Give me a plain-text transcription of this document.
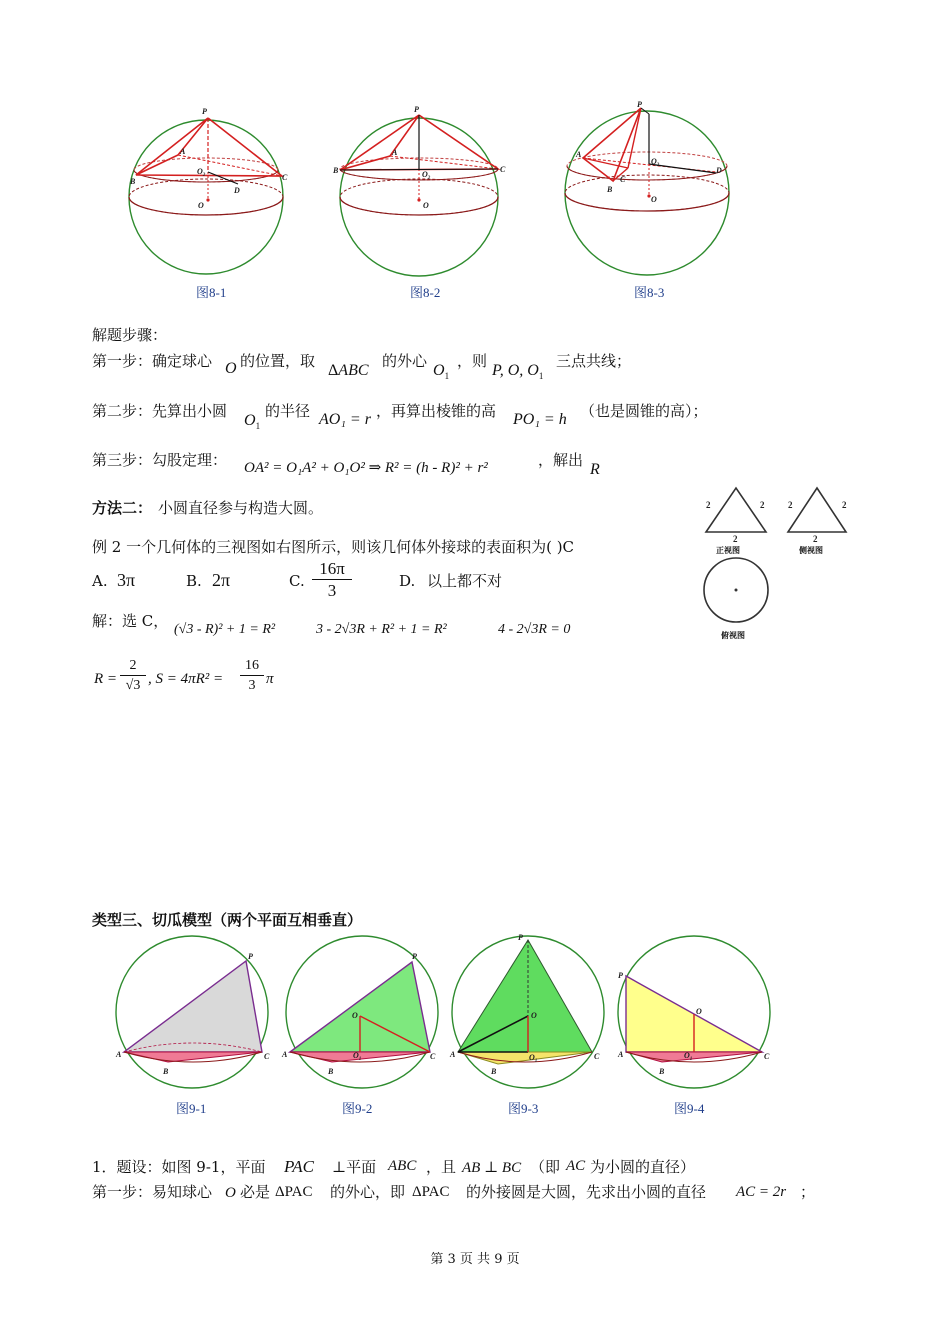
P
A
B	C
D
O
$O_2$
P
A
B	C
O
$O_2$
P
A
B
C
D
O
$O_2$
图8-1	图8-2	图8-3
解题步骤：
第一步：确定球心 O 的位置，取
ΔABC
的外心
$O_1$
，则
P, O, $O_1$
三点共线；
第二步：先算出小圆
$O_1$
的半径 AO₁ = r ，再算出棱锥的高 PO₁ = h （也是圆锥的高）；
第三步：勾股定理： OA² = O₁A² + O₁O² ⇒ R² = (h - R)² + r²	，解出
R
方法二： 小圆直径参与构造大圆。
例 2 一个几何体的三视图如右图所示，则该几何体外接球的表面积为( )C
A. 3π	B. 2π	C. $\frac{16\pi}{3}$	D. 以上都不对
解：选 C， (√3 - R)² + 1 = R²	3 - 2√3R + R² + 1 = R²	4 - 2√3R = 0
$R = \frac{2}{√3}$ , $S = 4\pi R^2 = \frac{16}{3}$ π
2	2
2
2	2
2
正视图	侧视图
俯视图
类型三、切瓜模型（两个平面互相垂直）
P
A
B
C
P
O
$O_1$
A
B
C
P
O
$O_1$
A
B
C
P
O
$O_1$
A
B
C
图9-1	图9-2	图9-3	图9-4
1．题设：如图 9-1，平面 PAC ⊥平面 ABC ，且 AB ⊥ BC （即 AC 为小圆的直径）
第一步：易知球心 O 必是 ΔPAC 的外心，即 ΔPAC 的外接圆是大圆，先求出小圆的直径 AC = 2r ；
第 3 页 共 9 页
